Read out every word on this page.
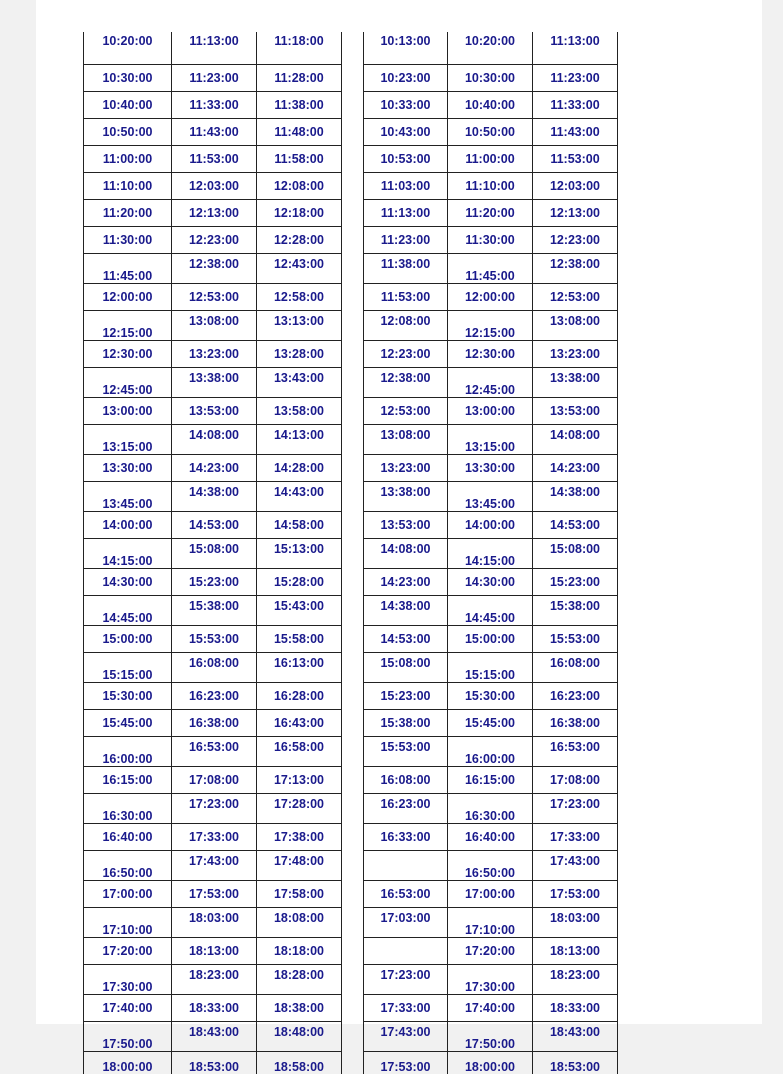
10:20:00	11:13:00	11:18:00
10:30:00	11:23:00	11:28:00
10:40:00	11:33:00	11:38:00
10:50:00	11:43:00	11:48:00
11:00:00	11:53:00	11:58:00
11:10:00	12:03:00	12:08:00
11:20:00	12:13:00	12:18:00
11:30:00	12:23:00	12:28:00
11:45:00	12:38:00	12:43:00
12:00:00	12:53:00	12:58:00
12:15:00	13:08:00	13:13:00
12:30:00	13:23:00	13:28:00
12:45:00	13:38:00	13:43:00
13:00:00	13:53:00	13:58:00
13:15:00	14:08:00	14:13:00
13:30:00	14:23:00	14:28:00
13:45:00	14:38:00	14:43:00
14:00:00	14:53:00	14:58:00
14:15:00	15:08:00	15:13:00
14:30:00	15:23:00	15:28:00
14:45:00	15:38:00	15:43:00
15:00:00	15:53:00	15:58:00
15:15:00	16:08:00	16:13:00
15:30:00	16:23:00	16:28:00
15:45:00	16:38:00	16:43:00
16:00:00	16:53:00	16:58:00
16:15:00	17:08:00	17:13:00
16:30:00	17:23:00	17:28:00
16:40:00	17:33:00	17:38:00
16:50:00	17:43:00	17:48:00
17:00:00	17:53:00	17:58:00
17:10:00	18:03:00	18:08:00
17:20:00	18:13:00	18:18:00
17:30:00	18:23:00	18:28:00
17:40:00	18:33:00	18:38:00
17:50:00	18:43:00	18:48:00
18:00:00	18:53:00	18:58:00
10:13:00	10:20:00	11:13:00
10:23:00	10:30:00	11:23:00
10:33:00	10:40:00	11:33:00
10:43:00	10:50:00	11:43:00
10:53:00	11:00:00	11:53:00
11:03:00	11:10:00	12:03:00
11:13:00	11:20:00	12:13:00
11:23:00	11:30:00	12:23:00
11:38:00	11:45:00	12:38:00
11:53:00	12:00:00	12:53:00
12:08:00	12:15:00	13:08:00
12:23:00	12:30:00	13:23:00
12:38:00	12:45:00	13:38:00
12:53:00	13:00:00	13:53:00
13:08:00	13:15:00	14:08:00
13:23:00	13:30:00	14:23:00
13:38:00	13:45:00	14:38:00
13:53:00	14:00:00	14:53:00
14:08:00	14:15:00	15:08:00
14:23:00	14:30:00	15:23:00
14:38:00	14:45:00	15:38:00
14:53:00	15:00:00	15:53:00
15:08:00	15:15:00	16:08:00
15:23:00	15:30:00	16:23:00
15:38:00	15:45:00	16:38:00
15:53:00	16:00:00	16:53:00
16:08:00	16:15:00	17:08:00
16:23:00	16:30:00	17:23:00
16:33:00	16:40:00	17:33:00
	16:50:00	17:43:00
16:53:00	17:00:00	17:53:00
17:03:00	17:10:00	18:03:00
	17:20:00	18:13:00
17:23:00	17:30:00	18:23:00
17:33:00	17:40:00	18:33:00
17:43:00	17:50:00	18:43:00
17:53:00	18:00:00	18:53:00
